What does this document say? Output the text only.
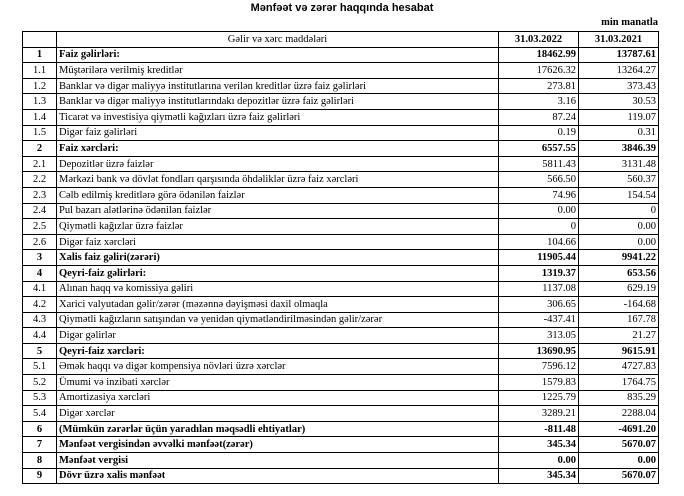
Mənfəət və zərər haqqında hesabat
min manatla
	Gəlir və xərc maddələri	31.03.2022	31.03.2021
1	Faiz gəlirləri:	18462.99	13787.61
1.1	Müştərilərə verilmiş kreditlər	17626.32	13264.27
1.2	Banklar və digər maliyyə institutlarına verilən kreditlər üzrə faiz gəlirləri	273.81	373.43
1.3	Banklar və digər maliyyə institutlarındakı depozitlər üzrə faiz gəlirləri	3.16	30.53
1.4	Ticarət və investisiya qiymətli kağızları üzrə faiz gəlirləri	87.24	119.07
1.5	Digər faiz gəlirləri	0.19	0.31
2	Faiz xərcləri:	6557.55	3846.39
2.1	Depozitlər üzrə faizlər	5811.43	3131.48
2.2	Mərkəzi bank və dövlət fondları qarşısında öhdəliklər üzrə faiz xərcləri	566.50	560.37
2.3	Cəlb edilmiş kreditlərə görə ödənilən faizlər	74.96	154.54
2.4	Pul bazarı alətlərinə ödənilən faizlər	0.00	0
2.5	Qiymətli kağızlar üzrə faizlər	0	0.00
2.6	Digər faiz xərcləri	104.66	0.00
3	Xalis faiz gəliri(zərəri)	11905.44	9941.22
4	Qeyri-faiz gəlirləri:	1319.37	653.56
4.1	Alınan haqq və komissiya gəliri	1137.08	629.19
4.2	Xarici valyutadan gəlir/zərər (məzənnə dəyişməsi daxil olmaqla	306.65	-164.68
4.3	Qiymətli kağızların satışından və yenidən qiymətləndirilməsindən gəlir/zərər	-437.41	167.78
4.4	Digər gəlirlər	313.05	21.27
5	Qeyri-faiz xərcləri:	13690.95	9615.91
5.1	Əmək haqqı və digər kompensiya növləri üzrə xərclər	7596.12	4727.83
5.2	Ümumi və inzibati xərclər	1579.83	1764.75
5.3	Amortizasiya xərcləri	1225.79	835.29
5.4	Digər xərclər	3289.21	2288.04
6	(Mümkün zərərlər üçün yaradılan məqsədli ehtiyatlar)	-811.48	-4691.20
7	Mənfəət vergisindən əvvəlki mənfəət(zərər)	345.34	5670.07
8	Mənfəət vergisi	0.00	0.00
9	Dövr üzrə xalis mənfəət	345.34	5670.07
